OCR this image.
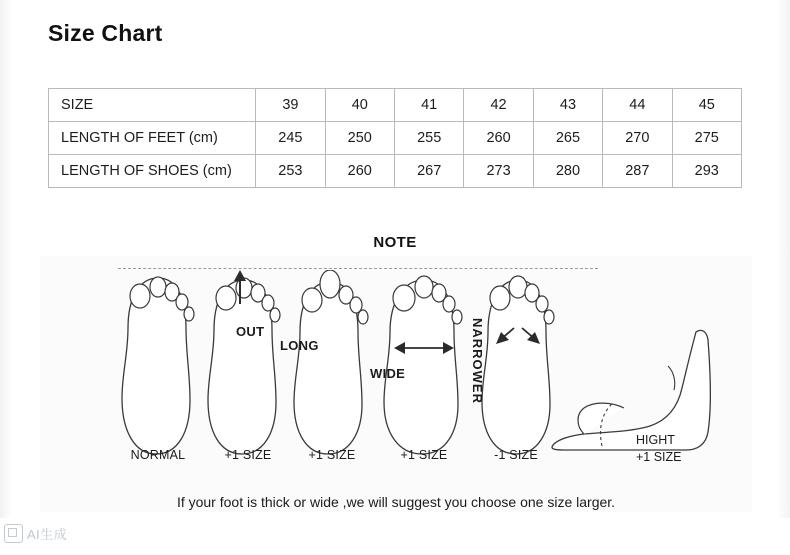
Size Chart
SIZE	39	40	41	42	43	44	45
LENGTH OF FEET (cm)	245	250	255	260	265	270	275
LENGTH OF SHOES (cm)	253	260	267	273	280	287	293
NOTE
NORMAL
OUT
+1 SIZE
LONG
+1 SIZE
WIDE
+1 SIZE
NARROWER
-1 SIZE
HIGHT
+1 SIZE
If your foot is thick or wide ,we will suggest you choose one size larger.
AI生成
